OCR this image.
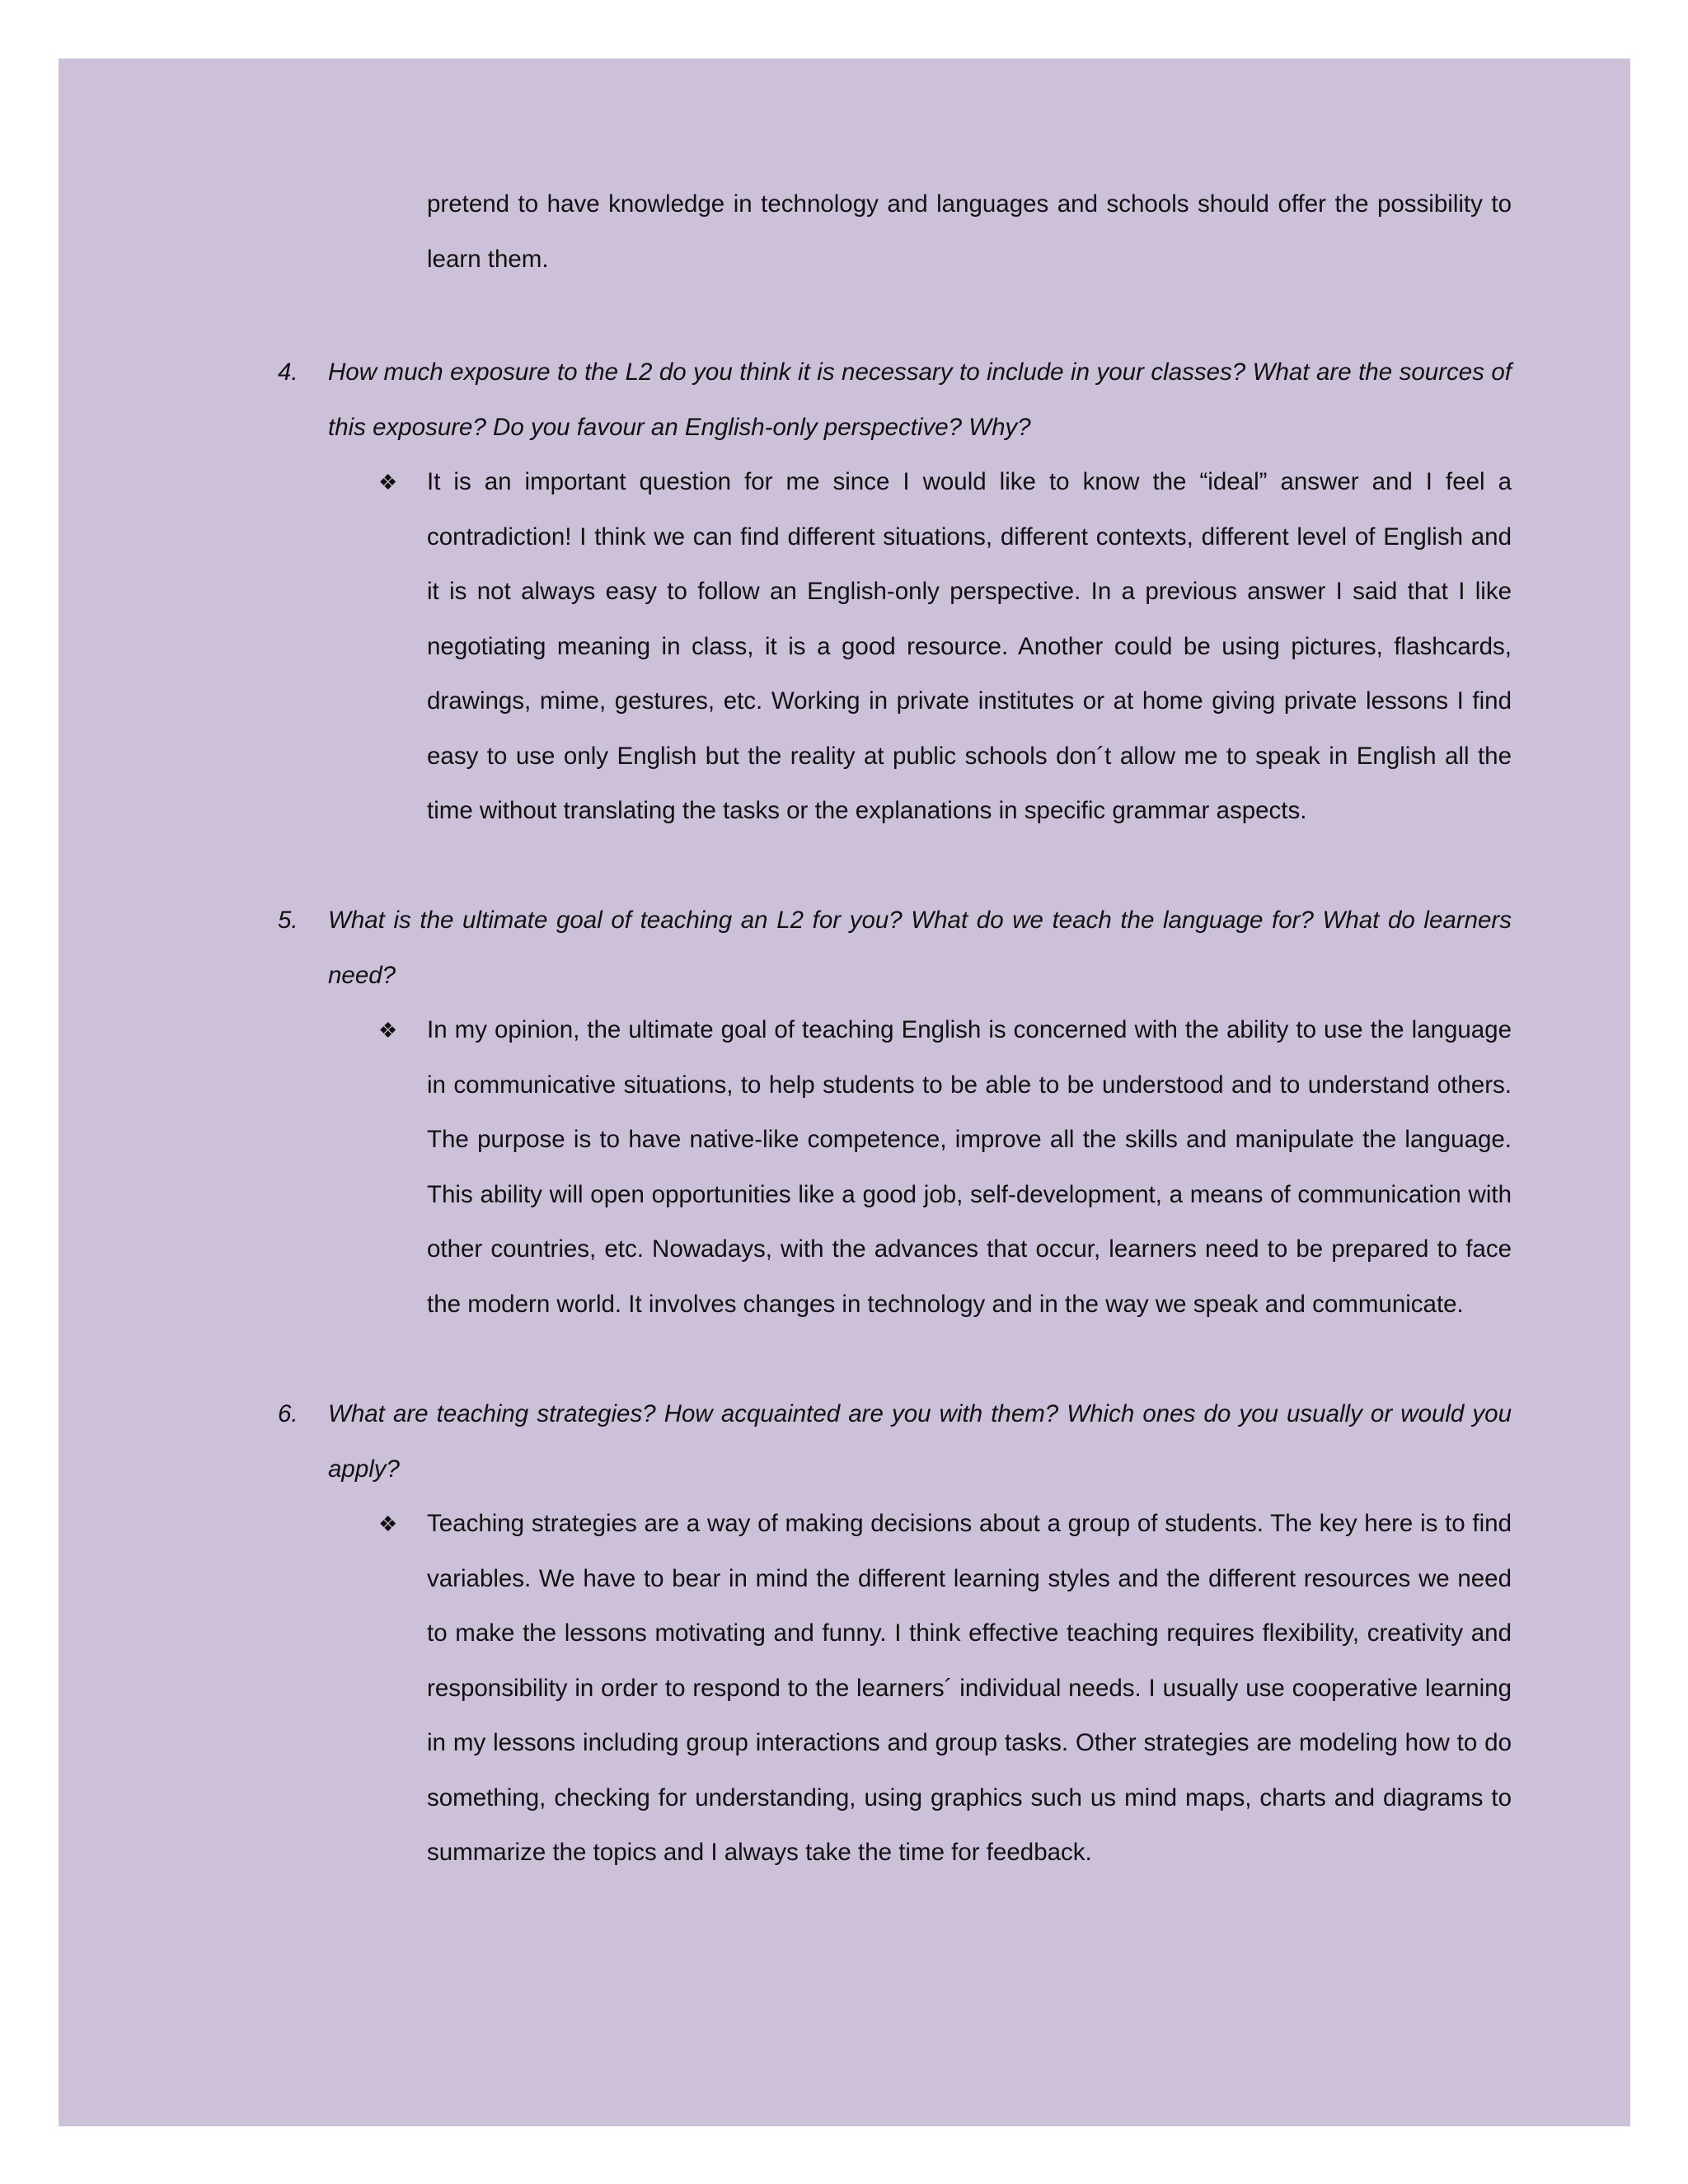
pretend to have knowledge in technology and languages and schools should offer the possibility to learn them.
4. How much exposure to the L2 do you think it is necessary to include in your classes? What are the sources of this exposure? Do you favour an English-only perspective? Why?
❖ It is an important question for me since I would like to know the “ideal” answer and I feel a contradiction! I think we can find different situations, different contexts, different level of English and it is not always easy to follow an English-only perspective. In a previous answer I said that I like negotiating meaning in class, it is a good resource. Another could be using pictures, flashcards, drawings, mime, gestures, etc. Working in private institutes or at home giving private lessons I find easy to use only English but the reality at public schools don´t allow me to speak in English all the time without translating the tasks or the explanations in specific grammar aspects.
5. What is the ultimate goal of teaching an L2 for you? What do we teach the language for? What do learners need?
❖ In my opinion, the ultimate goal of teaching English is concerned with the ability to use the language in communicative situations, to help students to be able to be understood and to understand others. The purpose is to have native-like competence, improve all the skills and manipulate the language. This ability will open opportunities like a good job, self-development, a means of communication with other countries, etc. Nowadays, with the advances that occur, learners need to be prepared to face the modern world. It involves changes in technology and in the way we speak and communicate.
6. What are teaching strategies? How acquainted are you with them? Which ones do you usually or would you apply?
❖ Teaching strategies are a way of making decisions about a group of students. The key here is to find variables. We have to bear in mind the different learning styles and the different resources we need to make the lessons motivating and funny. I think effective teaching requires flexibility, creativity and responsibility in order to respond to the learners´ individual needs. I usually use cooperative learning in my lessons including group interactions and group tasks. Other strategies are modeling how to do something, checking for understanding, using graphics such us mind maps, charts and diagrams to summarize the topics and I always take the time for feedback.
